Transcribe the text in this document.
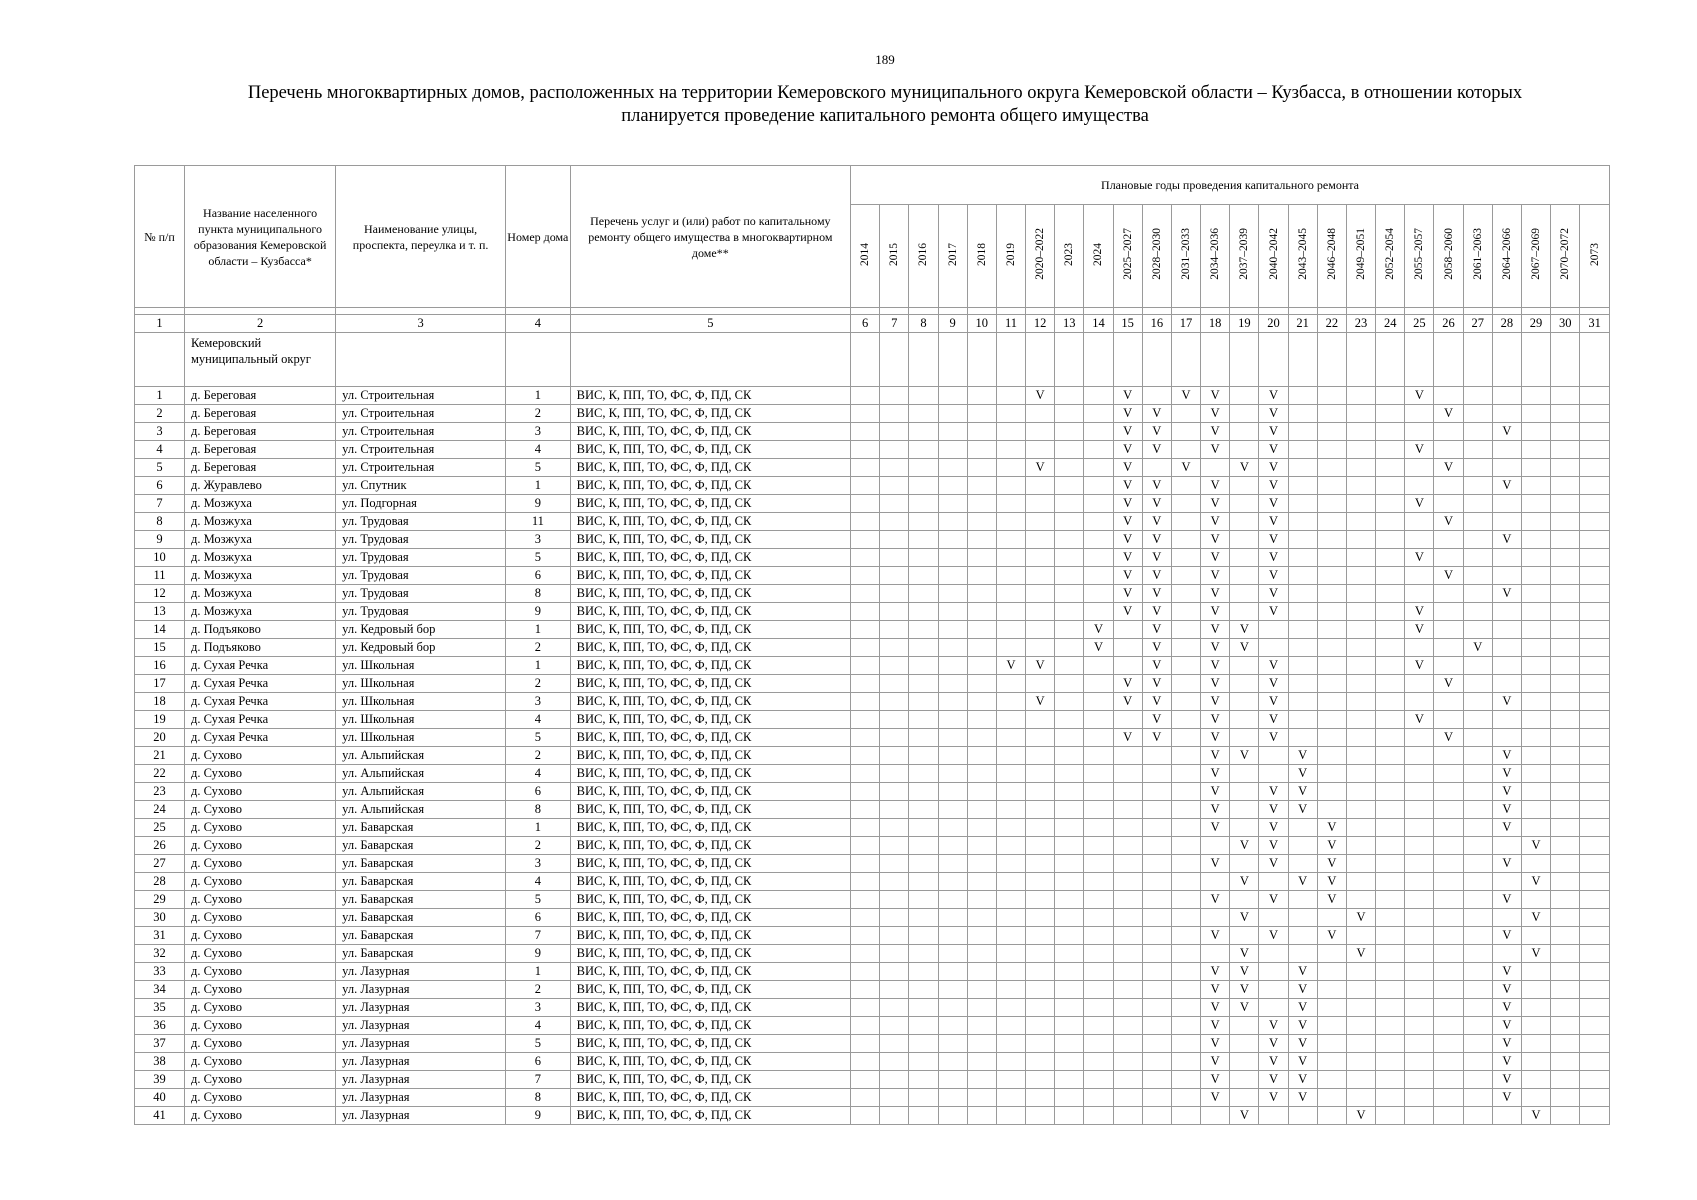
189
Перечень многоквартирных домов, расположенных на территории Кемеровского муниципального округа Кемеровской области – Кузбасса, в отношении которых
планируется проведение капитального ремонта общего имущества
№ п/п	Название населенного пункта муниципального образования Кемеровской области – Кузбасса*	Наименование улицы, проспекта, переулка и т. п.	Номер дома	Перечень услуг и (или) работ по капитальному ремонту общего имущества в многоквартирном доме**	Плановые годы проведения капитального ремонта																									
					2014	2015	2016	2017	2018	2019	2020–2022	2023	2024	2025–2027	2028–2030	2031–2033	2034–2036	2037–2039	2040–2042	2043–2045	2046–2048	2049–2051	2052–2054	2055–2057	2058–2060	2061–2063	2064–2066	2067–2069	2070–2072	2073

1	2	3	4	5	6	7	8	9	10	11	12	13	14	15	16	17	18	19	20	21	22	23	24	25	26	27	28	29	30	31
	Кемеровский муниципальный округ																													
1	д. Береговая	ул. Строительная	1	ВИС, К, ПП, ТО, ФС, Ф, ПД, СК							V			V		V	V		V					V						
2	д. Береговая	ул. Строительная	2	ВИС, К, ПП, ТО, ФС, Ф, ПД, СК										V	V		V		V						V					
3	д. Береговая	ул. Строительная	3	ВИС, К, ПП, ТО, ФС, Ф, ПД, СК										V	V		V		V								V			
4	д. Береговая	ул. Строительная	4	ВИС, К, ПП, ТО, ФС, Ф, ПД, СК										V	V		V		V					V						
5	д. Береговая	ул. Строительная	5	ВИС, К, ПП, ТО, ФС, Ф, ПД, СК							V			V		V		V	V						V					
6	д. Журавлево	ул. Спутник	1	ВИС, К, ПП, ТО, ФС, Ф, ПД, СК										V	V		V		V								V			
7	д. Мозжуха	ул. Подгорная	9	ВИС, К, ПП, ТО, ФС, Ф, ПД, СК										V	V		V		V					V						
8	д. Мозжуха	ул. Трудовая	11	ВИС, К, ПП, ТО, ФС, Ф, ПД, СК										V	V		V		V						V					
9	д. Мозжуха	ул. Трудовая	3	ВИС, К, ПП, ТО, ФС, Ф, ПД, СК										V	V		V		V								V			
10	д. Мозжуха	ул. Трудовая	5	ВИС, К, ПП, ТО, ФС, Ф, ПД, СК										V	V		V		V					V						
11	д. Мозжуха	ул. Трудовая	6	ВИС, К, ПП, ТО, ФС, Ф, ПД, СК										V	V		V		V						V					
12	д. Мозжуха	ул. Трудовая	8	ВИС, К, ПП, ТО, ФС, Ф, ПД, СК										V	V		V		V								V			
13	д. Мозжуха	ул. Трудовая	9	ВИС, К, ПП, ТО, ФС, Ф, ПД, СК										V	V		V		V					V						
14	д. Подъяково	ул. Кедровый бор	1	ВИС, К, ПП, ТО, ФС, Ф, ПД, СК									V		V		V	V						V						
15	д. Подъяково	ул. Кедровый бор	2	ВИС, К, ПП, ТО, ФС, Ф, ПД, СК									V		V		V	V								V				
16	д. Сухая Речка	ул. Школьная	1	ВИС, К, ПП, ТО, ФС, Ф, ПД, СК						V	V				V		V		V					V						
17	д. Сухая Речка	ул. Школьная	2	ВИС, К, ПП, ТО, ФС, Ф, ПД, СК										V	V		V		V						V					
18	д. Сухая Речка	ул. Школьная	3	ВИС, К, ПП, ТО, ФС, Ф, ПД, СК							V			V	V		V		V								V			
19	д. Сухая Речка	ул. Школьная	4	ВИС, К, ПП, ТО, ФС, Ф, ПД, СК											V		V		V					V						
20	д. Сухая Речка	ул. Школьная	5	ВИС, К, ПП, ТО, ФС, Ф, ПД, СК										V	V		V		V						V					
21	д. Сухово	ул. Альпийская	2	ВИС, К, ПП, ТО, ФС, Ф, ПД, СК													V	V		V							V			
22	д. Сухово	ул. Альпийская	4	ВИС, К, ПП, ТО, ФС, Ф, ПД, СК													V			V							V			
23	д. Сухово	ул. Альпийская	6	ВИС, К, ПП, ТО, ФС, Ф, ПД, СК													V		V	V							V			
24	д. Сухово	ул. Альпийская	8	ВИС, К, ПП, ТО, ФС, Ф, ПД, СК													V		V	V							V			
25	д. Сухово	ул. Баварская	1	ВИС, К, ПП, ТО, ФС, Ф, ПД, СК													V		V		V						V			
26	д. Сухово	ул. Баварская	2	ВИС, К, ПП, ТО, ФС, Ф, ПД, СК														V	V		V							V		
27	д. Сухово	ул. Баварская	3	ВИС, К, ПП, ТО, ФС, Ф, ПД, СК													V		V		V						V			
28	д. Сухово	ул. Баварская	4	ВИС, К, ПП, ТО, ФС, Ф, ПД, СК														V		V	V							V		
29	д. Сухово	ул. Баварская	5	ВИС, К, ПП, ТО, ФС, Ф, ПД, СК													V		V		V						V			
30	д. Сухово	ул. Баварская	6	ВИС, К, ПП, ТО, ФС, Ф, ПД, СК														V				V						V		
31	д. Сухово	ул. Баварская	7	ВИС, К, ПП, ТО, ФС, Ф, ПД, СК													V		V		V						V			
32	д. Сухово	ул. Баварская	9	ВИС, К, ПП, ТО, ФС, Ф, ПД, СК														V				V						V		
33	д. Сухово	ул. Лазурная	1	ВИС, К, ПП, ТО, ФС, Ф, ПД, СК													V	V		V							V			
34	д. Сухово	ул. Лазурная	2	ВИС, К, ПП, ТО, ФС, Ф, ПД, СК													V	V		V							V			
35	д. Сухово	ул. Лазурная	3	ВИС, К, ПП, ТО, ФС, Ф, ПД, СК													V	V		V							V			
36	д. Сухово	ул. Лазурная	4	ВИС, К, ПП, ТО, ФС, Ф, ПД, СК													V		V	V							V			
37	д. Сухово	ул. Лазурная	5	ВИС, К, ПП, ТО, ФС, Ф, ПД, СК													V		V	V							V			
38	д. Сухово	ул. Лазурная	6	ВИС, К, ПП, ТО, ФС, Ф, ПД, СК													V		V	V							V			
39	д. Сухово	ул. Лазурная	7	ВИС, К, ПП, ТО, ФС, Ф, ПД, СК													V		V	V							V			
40	д. Сухово	ул. Лазурная	8	ВИС, К, ПП, ТО, ФС, Ф, ПД, СК													V		V	V							V			
41	д. Сухово	ул. Лазурная	9	ВИС, К, ПП, ТО, ФС, Ф, ПД, СК														V				V						V		
